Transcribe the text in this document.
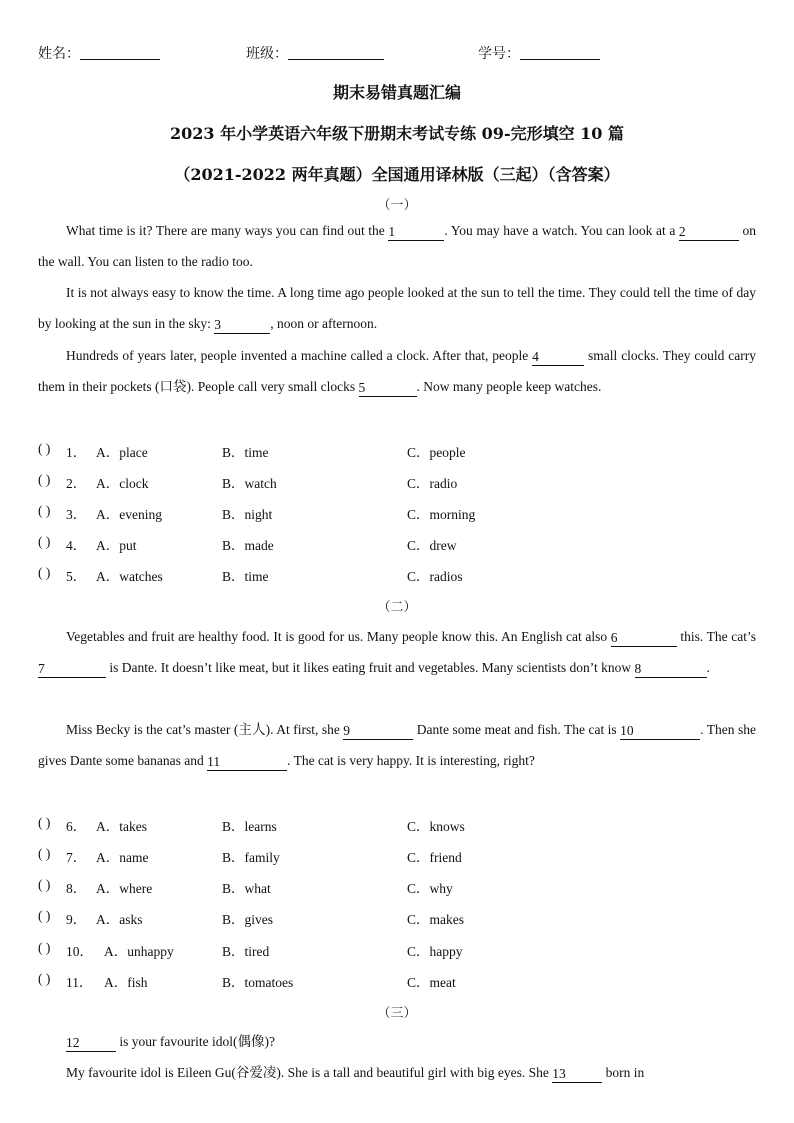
姓名：	班级：	学号：
期末易错真题汇编
2023 年小学英语六年级下册期末考试专练 09-完形填空 10 篇
（2021-2022 两年真题）全国通用译林版（三起）（含答案）
（一）
What time is it? There are many ways you can find out the 1	. You may have a watch. You can look at a 2	on the wall. You can listen to the radio too.
It is not always easy to know the time. A long time ago people looked at the sun to tell the time. They could tell the time of day by looking at the sun in the sky: 3	, noon or afternoon.
Hundreds of years later, people invented a machine called a clock. After that, people 4	small clocks. They could carry them in their pockets (口袋). People call very small clocks 5	. Now many people keep watches.
( ) 1． A．place	B．time	C．people
( ) 2． A．clock	B．watch	C．radio
( ) 3． A．evening	B．night	C．morning
( ) 4． A．put	B．made	C．drew
( ) 5． A．watches	B．time	C．radios
（二）
Vegetables and fruit are healthy food. It is good for us. Many people know this. An English cat also 6	this. The cat’s 7	is Dante. It doesn’t like meat, but it likes eating fruit and vegetables. Many scientists don’t know 8	.
Miss Becky is the cat’s master (主人). At first, she 9	Dante some meat and fish. The cat is 10	. Then she gives Dante some bananas and 11	. The cat is very happy. It is interesting, right?
( ) 6． A．takes	B．learns	C．knows
( ) 7． A．name	B．family	C．friend
( ) 8． A．where	B．what	C．why
( ) 9． A．asks	B．gives	C．makes
( ) 10． A．unhappy	B．tired	C．happy
( ) 11． A．fish	B．tomatoes	C．meat
（三）
12	is your favourite idol(偶像)?
My favourite idol is Eileen Gu(谷爱凌). She is a tall and beautiful girl with big eyes. She 13	born in
